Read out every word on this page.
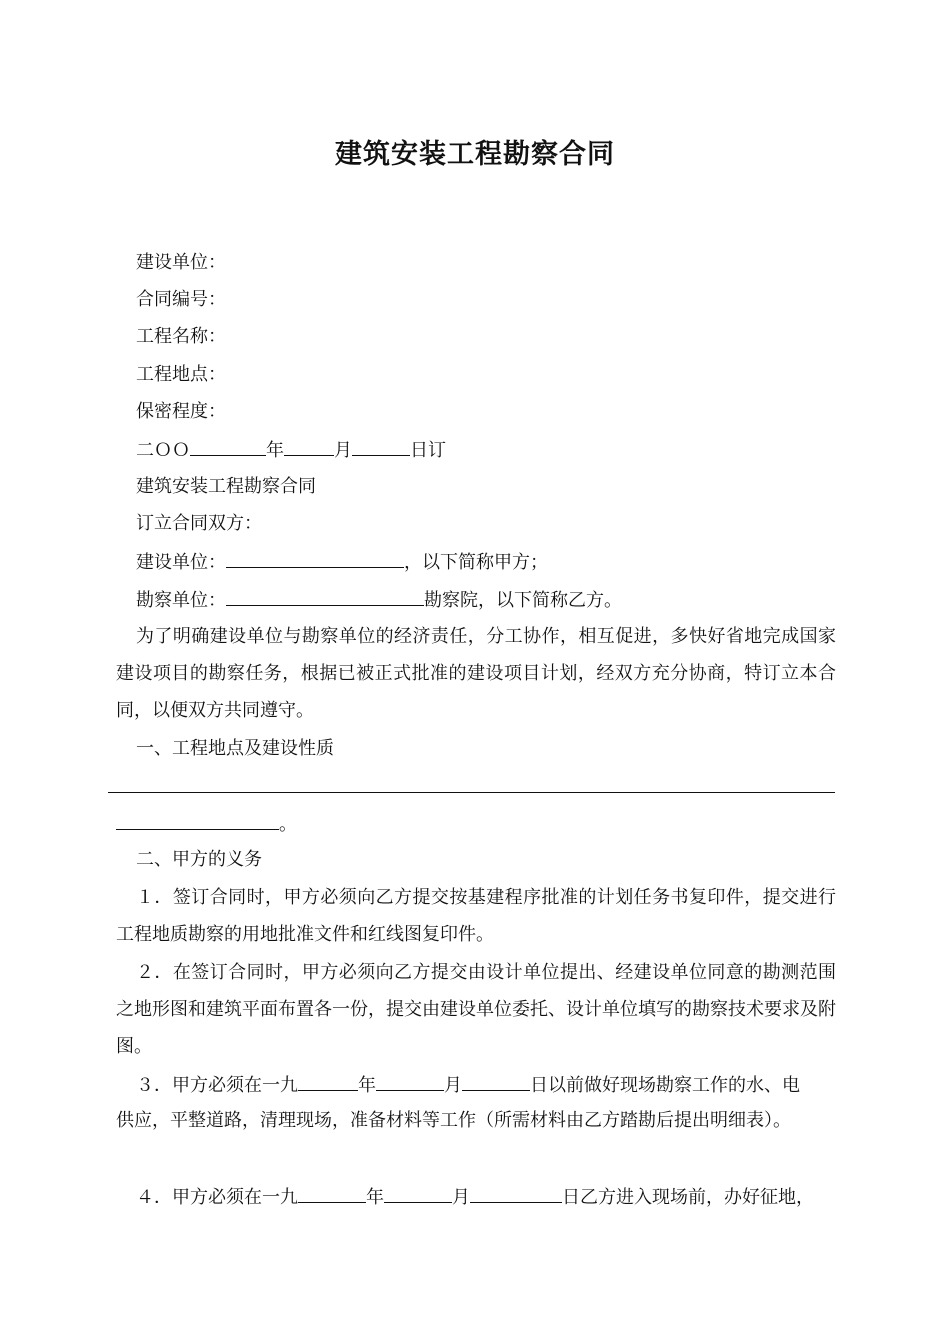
建筑安装工程勘察合同
建设单位：
合同编号：
工程名称：
工程地点：
保密程度：
二ＯＯ	年	月	日订
建筑安装工程勘察合同
订立合同双方：
建设单位：	，以下简称甲方；
勘察单位：	勘察院，以下简称乙方。
为了明确建设单位与勘察单位的经济责任，分工协作，相互促进，多快好省地完成国家建设项目的勘察任务，根据已被正式批准的建设项目计划，经双方充分协商，特订立本合同，以便双方共同遵守。
一、工程地点及建设性质
。
二、甲方的义务
１．签订合同时，甲方必须向乙方提交按基建程序批准的计划任务书复印件，提交进行工程地质勘察的用地批准文件和红线图复印件。
２．在签订合同时，甲方必须向乙方提交由设计单位提出、经建设单位同意的勘测范围之地形图和建筑平面布置各一份，提交由建设单位委托、设计单位填写的勘察技术要求及附图。
３．甲方必须在一九	年	月	日以前做好现场勘察工作的水、电
供应，平整道路，清理现场，准备材料等工作（所需材料由乙方踏勘后提出明细表）。
４．甲方必须在一九	年	月	日乙方进入现场前，办好征地，
